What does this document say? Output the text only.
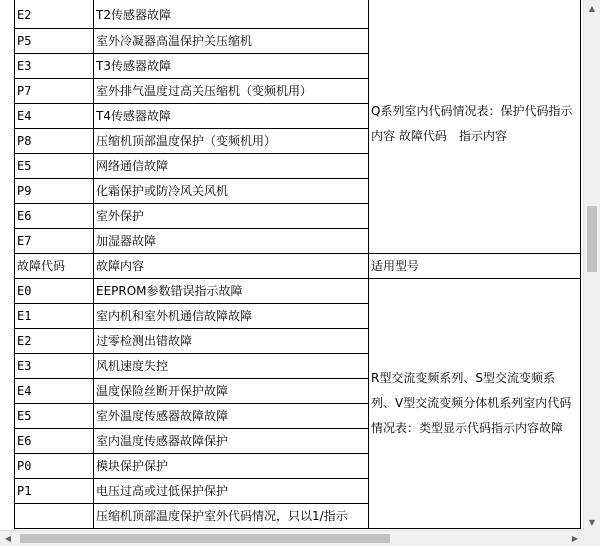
E2	T2传感器故障	Q系列室内代码情况表：保护代码指示内容 故障代码　指示内容
P5	室外冷凝器高温保护关压缩机	
E3	T3传感器故障	
P7	室外排气温度过高关压缩机（变频机用）	
E4	T4传感器故障	
P8	压缩机顶部温度保护（变频机用）	
E5	网络通信故障	
P9	化霜保护或防冷风关风机	
E6	室外保护	
E7	加湿器故障	
故障代码	故障内容	适用型号
E0	EEPROM参数错误指示故障	R型交流变频系列、S型交流变频系列、V型交流变频分体机系列室内代码情况表：类型显示代码指示内容故障
E1	室内机和室外机通信故障故障	
E2	过零检测出错故障	
E3	风机速度失控	
E4	温度保险丝断开保护故障	
E5	室外温度传感器故障故障	
E6	室内温度传感器故障保护	
P0	模块保护保护	
P1	电压过高或过低保护保护	
	压缩机顶部温度保护室外代码情况，只以1/指示	
▲
▼
◀	▶
